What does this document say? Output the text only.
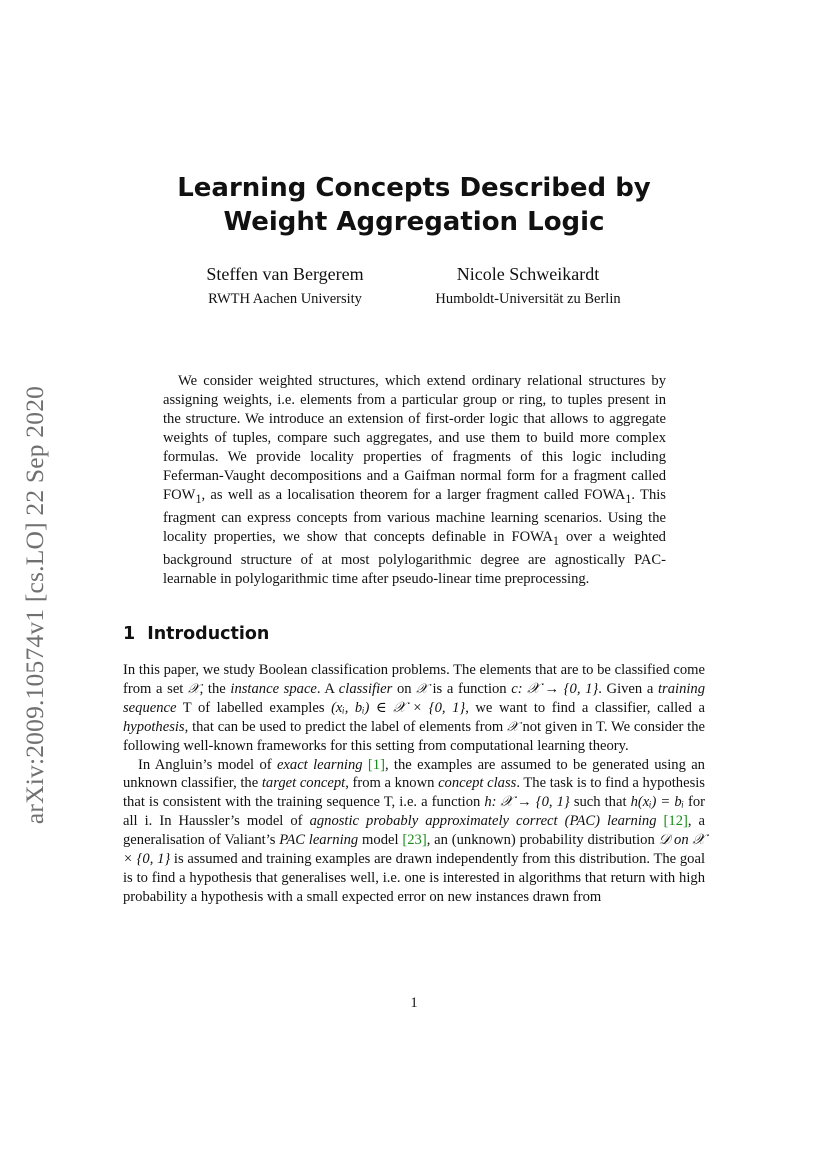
arXiv:2009.10574v1 [cs.LO] 22 Sep 2020
Learning Concepts Described by
Weight Aggregation Logic
Steffen van Bergerem
RWTH Aachen University
Nicole Schweikardt
Humboldt-Universität zu Berlin

We consider weighted structures, which extend ordinary relational structures by assigning weights, i.e. elements from a particular group or ring, to tuples present in the structure. We introduce an extension of first-order logic that allows to aggregate weights of tuples, compare such aggregates, and use them to build more complex formulas. We provide locality properties of fragments of this logic including Feferman-Vaught decompositions and a Gaifman normal form for a fragment called $FOW_1$, as well as a localisation theorem for a larger fragment called $FOWA_1$. This fragment can express concepts from various machine learning scenarios. Using the locality properties, we show that concepts definable in $FOWA_1$ over a weighted background structure of at most polylogarithmic degree are agnostically PAC-learnable in polylogarithmic time after pseudo-linear time preprocessing.

1 Introduction

In this paper, we study Boolean classification problems. The elements that are to be classified come from a set 𝒳, the instance space. A classifier on 𝒳 is a function c: 𝒳 → {0, 1}. Given a training sequence T of labelled examples (xᵢ, bᵢ) ∈ 𝒳 × {0, 1}, we want to find a classifier, called a hypothesis, that can be used to predict the label of elements from 𝒳 not given in T. We consider the following well-known frameworks for this setting from computational learning theory.

In Angluin’s model of exact learning [1], the examples are assumed to be generated using an unknown classifier, the target concept, from a known concept class. The task is to find a hypothesis that is consistent with the training sequence T, i.e. a function h: 𝒳 → {0, 1} such that h(xᵢ) = bᵢ for all i. In Haussler’s model of agnostic probably approximately correct (PAC) learning [12], a generalisation of Valiant’s PAC learning model [23], an (unknown) probability distribution 𝒟 on 𝒳 × {0, 1} is assumed and training examples are drawn independently from this distribution. The goal is to find a hypothesis that generalises well, i.e. one is interested in algorithms that return with high probability a hypothesis with a small expected error on new instances drawn from

1
